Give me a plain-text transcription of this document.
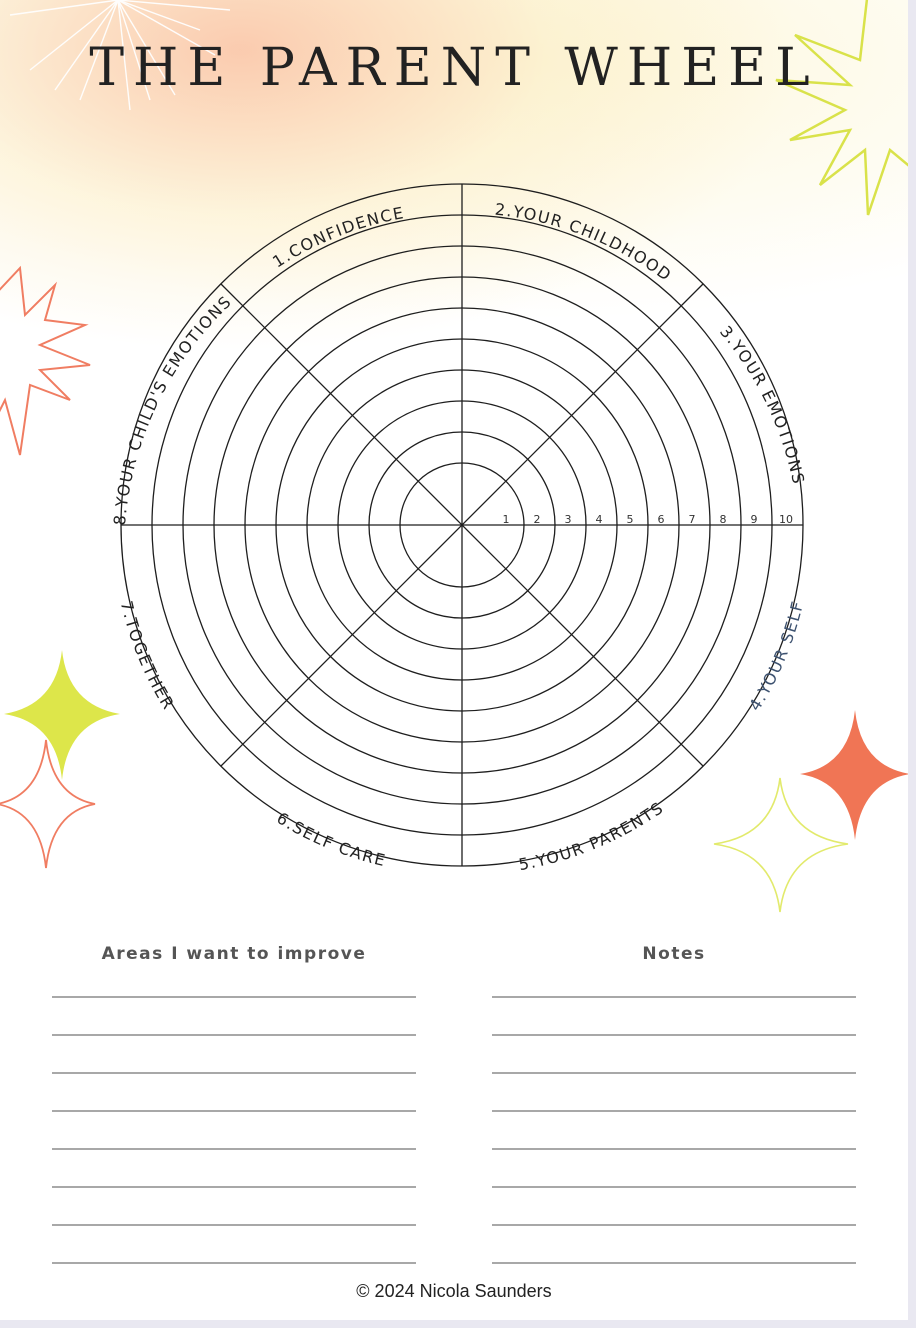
1 2 3 4 5 6 7 8 9 10
1.CONFIDENCE	2.YOUR CHILDHOOD
3.YOUR EMOTIONS
8.YOUR CHILD'S EMOTIONS
4.YOUR SELF
5.YOUR PARENTS
6.SELF CARE
7.TOGETHER
THE PARENT WHEEL
Areas I want to improve	Notes
© 2024 Nicola Saunders
